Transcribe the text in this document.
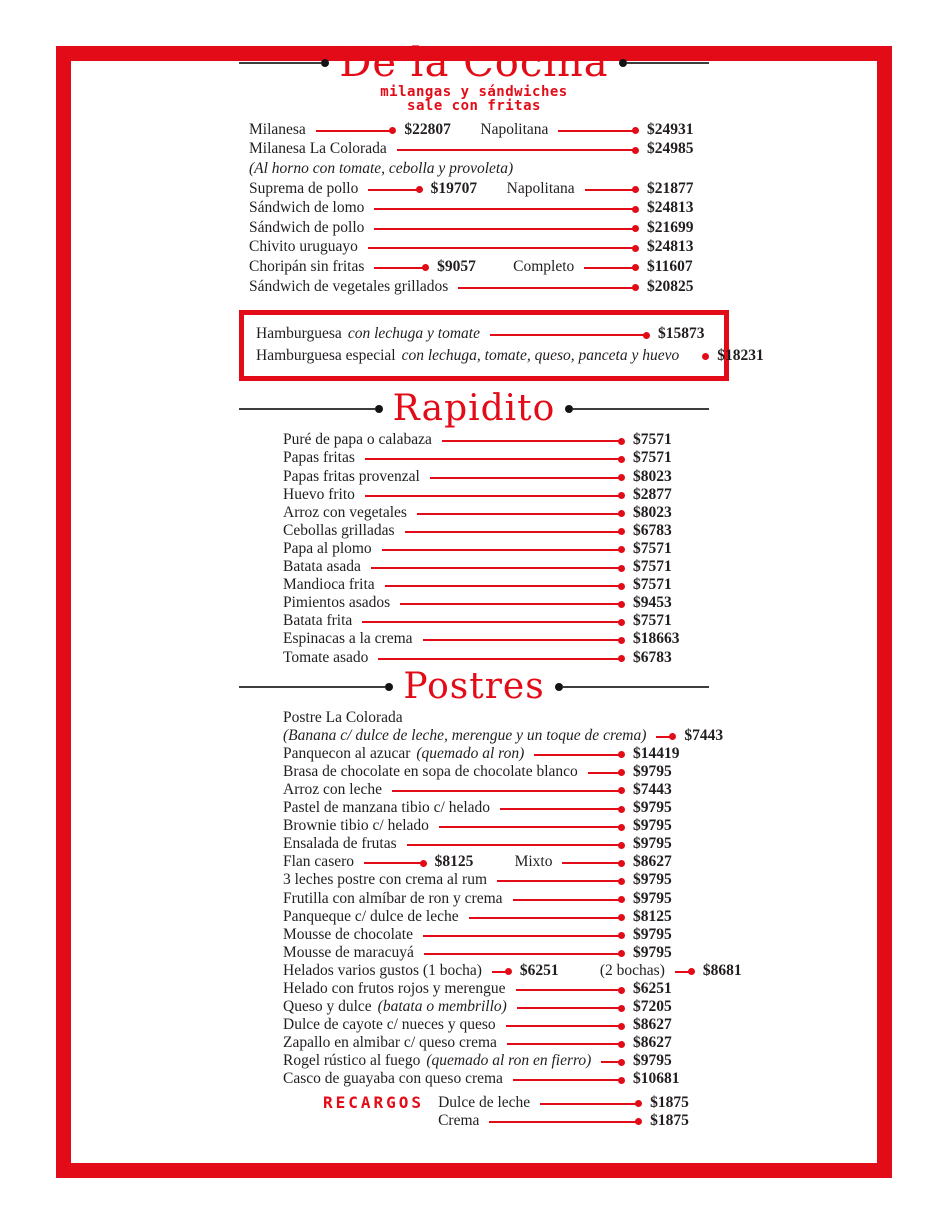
De la Cocina
milangas y sándwiches
sale con fritas
Milanesa	$22807	Napolitana	$24931
Milanesa La Colorada	$24985
(Al horno con tomate, cebolla y provoleta)
Suprema de pollo	$19707	Napolitana	$21877
Sándwich de lomo	$24813
Sándwich de pollo	$21699
Chivito uruguayo	$24813
Choripán sin fritas	$9057	Completo	$11607
Sándwich de vegetales grillados	$20825
Hamburguesa con lechuga y tomate	$15873
Hamburguesa especial con lechuga, tomate, queso, panceta y huevo $18231
Rapidito
Puré de papa o calabaza	$7571
Papas fritas	$7571
Papas fritas provenzal	$8023
Huevo frito	$2877
Arroz con vegetales	$8023
Cebollas grilladas	$6783
Papa al plomo	$7571
Batata asada	$7571
Mandioca frita	$7571
Pimientos asados	$9453
Batata frita	$7571
Espinacas a la crema	$18663
Tomate asado	$6783
Postres
Postre La Colorada
(Banana c/ dulce de leche, merengue y un toque de crema) $7443
Panquecon al azucar (quemado al ron)	$14419
Brasa de chocolate en sopa de chocolate blanco	$9795
Arroz con leche	$7443
Pastel de manzana tibio c/ helado	$9795
Brownie tibio c/ helado	$9795
Ensalada de frutas	$9795
Flan casero	$8125	Mixto	$8627
3 leches postre con crema al rum	$9795
Frutilla con almíbar de ron y crema	$9795
Panqueque c/ dulce de leche	$8125
Mousse de chocolate	$9795
Mousse de maracuyá	$9795
Helados varios gustos (1 bocha) $6251	(2 bochas) $8681
Helado con frutos rojos y merengue	$6251
Queso y dulce (batata o membrillo)	$7205
Dulce de cayote c/ nueces y queso	$8627
Zapallo en almibar c/ queso crema	$8627
Rogel rústico al fuego (quemado al ron en fierro)	$9795
Casco de guayaba con queso crema	$10681
RECARGOS Dulce de leche	$1875
Crema	$1875
